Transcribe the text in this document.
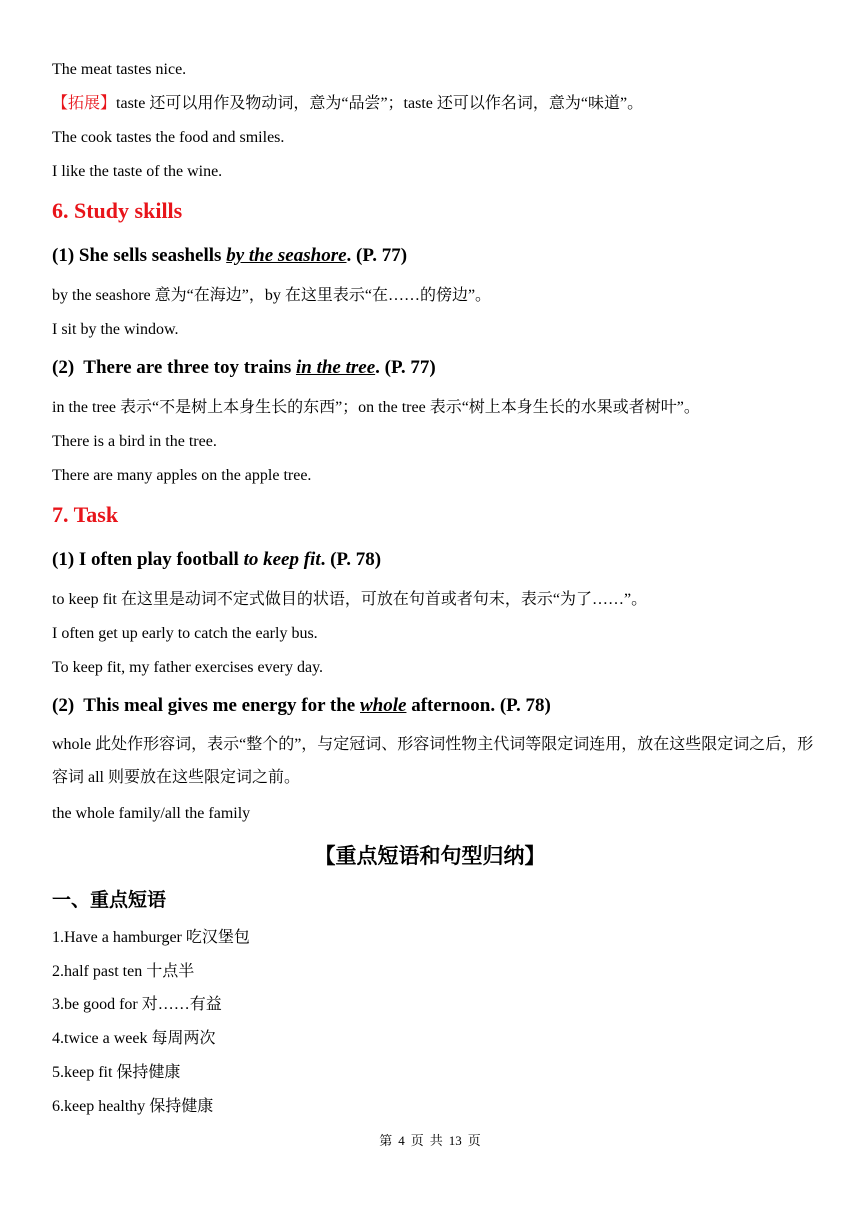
The meat tastes nice.
【拓展】taste 还可以用作及物动词，意为“品尝”；taste 还可以作名词，意为“味道”。
The cook tastes the food and smiles.
I like the taste of the wine.
6. Study skills
(1) She sells seashells by the seashore. (P. 77)
by the seashore 意为“在海边”，by 在这里表示“在……的傍边”。
I sit by the window.
(2)  There are three toy trains in the tree. (P. 77)
in the tree 表示“不是树上本身生长的东西”；on the tree 表示“树上本身生长的水果或者树叶”。
There is a bird in the tree.
There are many apples on the apple tree.
7. Task
(1) I often play football to keep fit. (P. 78)
to keep fit 在这里是动词不定式做目的状语，可放在句首或者句末，表示“为了……”。
I often get up early to catch the early bus.
To keep fit, my father exercises every day.
(2)  This meal gives me energy for the whole afternoon. (P. 78)
whole 此处作形容词，表示“整个的”，与定冠词、形容词性物主代词等限定词连用，放在这些限定词之后，形容词 all 则要放在这些限定词之前。
the whole family/all the family
【重点短语和句型归纳】
一、重点短语
1.Have a hamburger 吃汉堡包
2.half past ten 十点半
3.be good for 对……有益
4.twice a week 每周两次
5.keep fit 保持健康
6.keep healthy 保持健康
第 4 页 共 13 页
